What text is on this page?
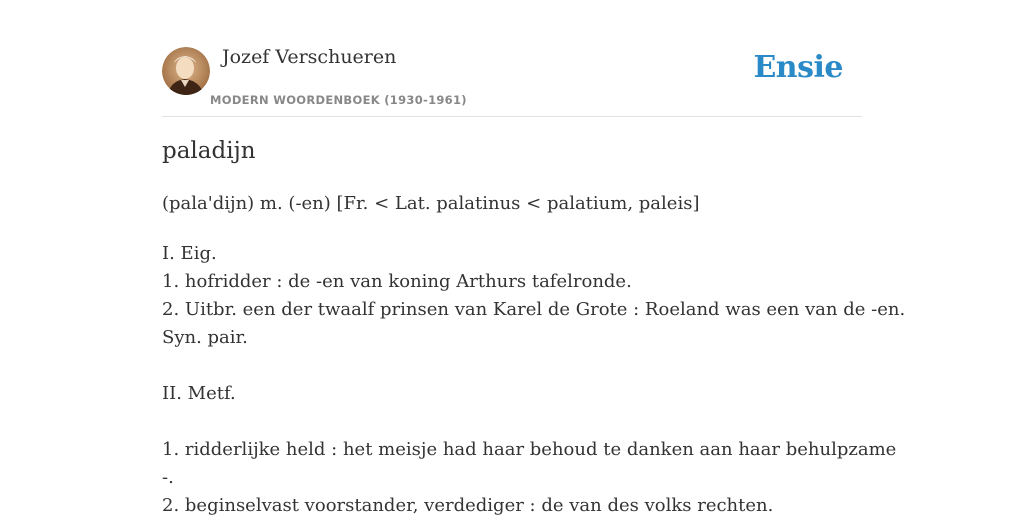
Jozef Verschueren
MODERN WOORDENBOEK (1930-1961)
Ensie
paladijn
(pala'dijn) m. (-en) [Fr. < Lat. palatinus < palatium, paleis]
I. Eig.
1. hofridder : de -en van koning Arthurs tafelronde.
2. Uitbr. een der twaalf prinsen van Karel de Grote : Roeland was een van de -en.
Syn. pair.
II. Metf.
1. ridderlijke held : het meisje had haar behoud te danken aan haar behulpzame
-.
2. beginselvast voorstander, verdediger : de van des volks rechten.
